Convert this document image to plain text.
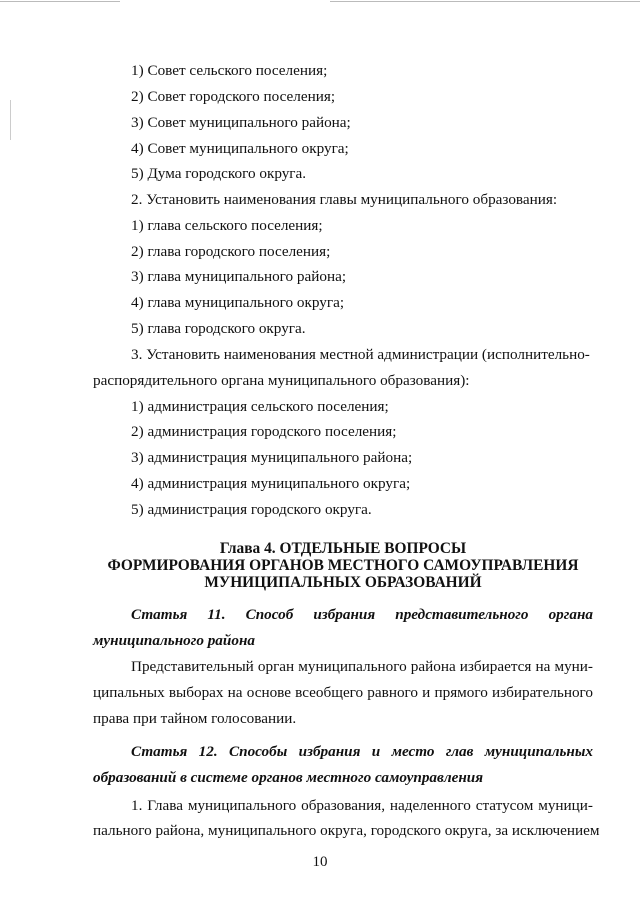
1) Совет сельского поселения;
2) Совет городского поселения;
3) Совет муниципального района;
4) Совет муниципального округа;
5) Дума городского округа.
2. Установить наименования главы муниципального образования:
1) глава сельского поселения;
2) глава городского поселения;
3) глава муниципального района;
4) глава муниципального округа;
5) глава городского округа.
3. Установить наименования местной администрации (исполнительно-
распорядительного органа муниципального образования):
1) администрация сельского поселения;
2) администрация городского поселения;
3) администрация муниципального района;
4) администрация муниципального округа;
5) администрация городского округа.
Глава 4. ОТДЕЛЬНЫЕ ВОПРОСЫ
ФОРМИРОВАНИЯ ОРГАНОВ МЕСТНОГО САМОУПРАВЛЕНИЯ
МУНИЦИПАЛЬНЫХ ОБРАЗОВАНИЙ
Статья 11. Способ избрания представительного органа
муниципального района
Представительный орган муниципального района избирается на муни-
ципальных выборах на основе всеобщего равного и прямого избирательного
права при тайном голосовании.
Статья 12. Способы избрания и место глав муниципальных
образований в системе органов местного самоуправления
1. Глава муниципального образования, наделенного статусом муници-
пального района, муниципального округа, городского округа, за исключением
10
